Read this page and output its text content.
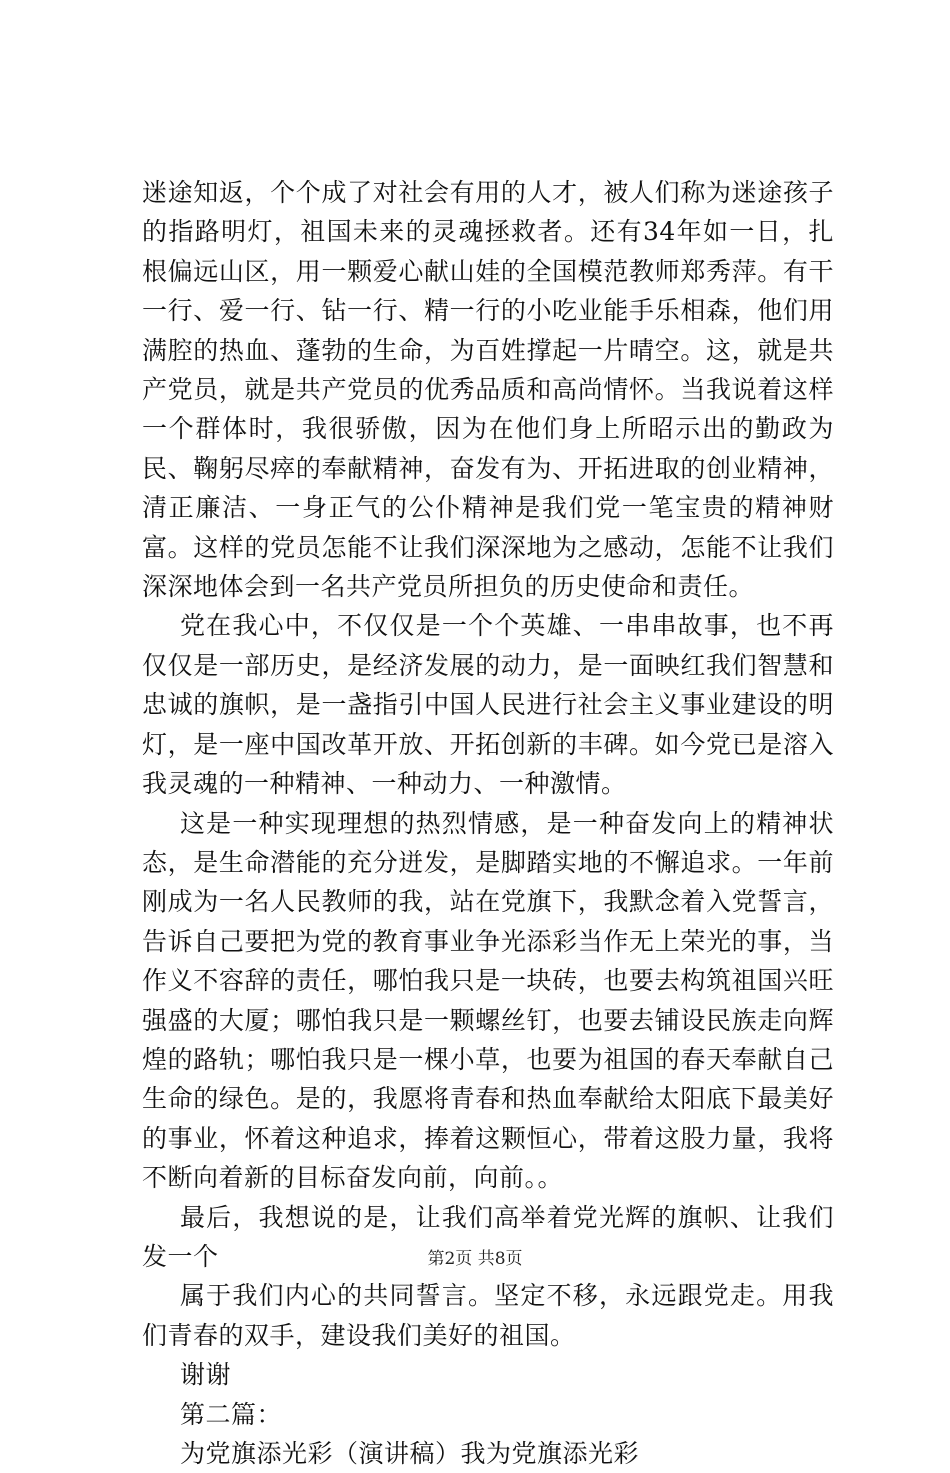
迷途知返，个个成了对社会有用的人才，被人们称为迷途孩子的指路明灯，祖国未来的灵魂拯救者。还有34年如一日，扎根偏远山区，用一颗爱心献山娃的全国模范教师郑秀萍。有干一行、爱一行、钻一行、精一行的小吃业能手乐相森，他们用满腔的热血、蓬勃的生命，为百姓撑起一片晴空。这，就是共产党员，就是共产党员的优秀品质和高尚情怀。当我说着这样一个群体时，我很骄傲，因为在他们身上所昭示出的勤政为民、鞠躬尽瘁的奉献精神，奋发有为、开拓进取的创业精神，清正廉洁、一身正气的公仆精神是我们党一笔宝贵的精神财富。这样的党员怎能不让我们深深地为之感动，怎能不让我们深深地体会到一名共产党员所担负的历史使命和责任。

党在我心中，不仅仅是一个个英雄、一串串故事，也不再仅仅是一部历史，是经济发展的动力，是一面映红我们智慧和忠诚的旗帜，是一盏指引中国人民进行社会主义事业建设的明灯，是一座中国改革开放、开拓创新的丰碑。如今党已是溶入我灵魂的一种精神、一种动力、一种激情。

这是一种实现理想的热烈情感，是一种奋发向上的精神状态，是生命潜能的充分迸发，是脚踏实地的不懈追求。一年前刚成为一名人民教师的我，站在党旗下，我默念着入党誓言，告诉自己要把为党的教育事业争光添彩当作无上荣光的事，当作义不容辞的责任，哪怕我只是一块砖，也要去构筑祖国兴旺强盛的大厦；哪怕我只是一颗螺丝钉，也要去铺设民族走向辉煌的路轨；哪怕我只是一棵小草，也要为祖国的春天奉献自己生命的绿色。是的，我愿将青春和热血奉献给太阳底下最美好的事业，怀着这种追求，捧着这颗恒心，带着这股力量，我将不断向着新的目标奋发向前，向前。。

最后，我想说的是，让我们高举着党光辉的旗帜、让我们发一个

属于我们内心的共同誓言。坚定不移，永远跟党走。用我们青春的双手，建设我们美好的祖国。

谢谢

第二篇：

为党旗添光彩（演讲稿）我为党旗添光彩

第2页 共8页
